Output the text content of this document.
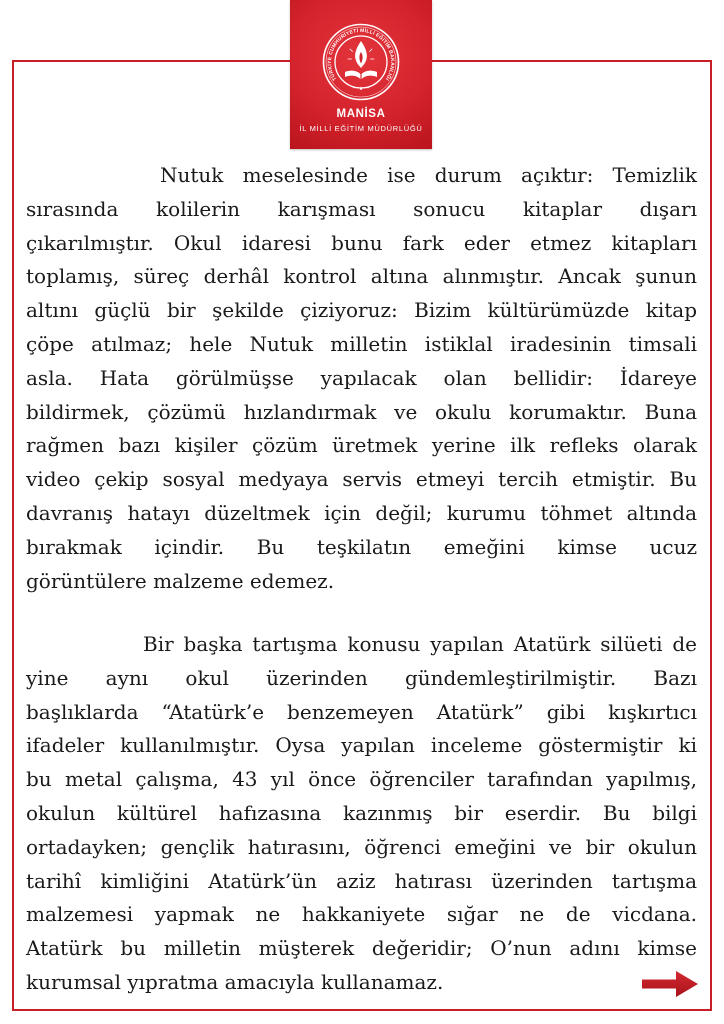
TÜRKİYE CUMHURİYETİ MİLLİ EĞİTİM BAKANLIĞI
MANİSA
İL MİLLİ EĞİTİM MÜDÜRLÜĞÜ
Nutuk meselesinde ise durum açıktır: Temizlik
sırasında kolilerin karışması sonucu kitaplar dışarı
çıkarılmıştır. Okul idaresi bunu fark eder etmez kitapları
toplamış, süreç derhâl kontrol altına alınmıştır. Ancak şunun
altını güçlü bir şekilde çiziyoruz: Bizim kültürümüzde kitap
çöpe atılmaz; hele Nutuk milletin istiklal iradesinin timsali
asla. Hata görülmüşse yapılacak olan bellidir: İdareye
bildirmek, çözümü hızlandırmak ve okulu korumaktır. Buna
rağmen bazı kişiler çözüm üretmek yerine ilk refleks olarak
video çekip sosyal medyaya servis etmeyi tercih etmiştir. Bu
davranış hatayı düzeltmek için değil; kurumu töhmet altında
bırakmak içindir. Bu teşkilatın emeğini kimse ucuz
görüntülere malzeme edemez.
Bir başka tartışma konusu yapılan Atatürk silüeti de
yine aynı okul üzerinden gündemleştirilmiştir. Bazı
başlıklarda “Atatürk’e benzemeyen Atatürk” gibi kışkırtıcı
ifadeler kullanılmıştır. Oysa yapılan inceleme göstermiştir ki
bu metal çalışma, 43 yıl önce öğrenciler tarafından yapılmış,
okulun kültürel hafızasına kazınmış bir eserdir. Bu bilgi
ortadayken; gençlik hatırasını, öğrenci emeğini ve bir okulun
tarihî kimliğini Atatürk’ün aziz hatırası üzerinden tartışma
malzemesi yapmak ne hakkaniyete sığar ne de vicdana.
Atatürk bu milletin müşterek değeridir; O’nun adını kimse
kurumsal yıpratma amacıyla kullanamaz.
